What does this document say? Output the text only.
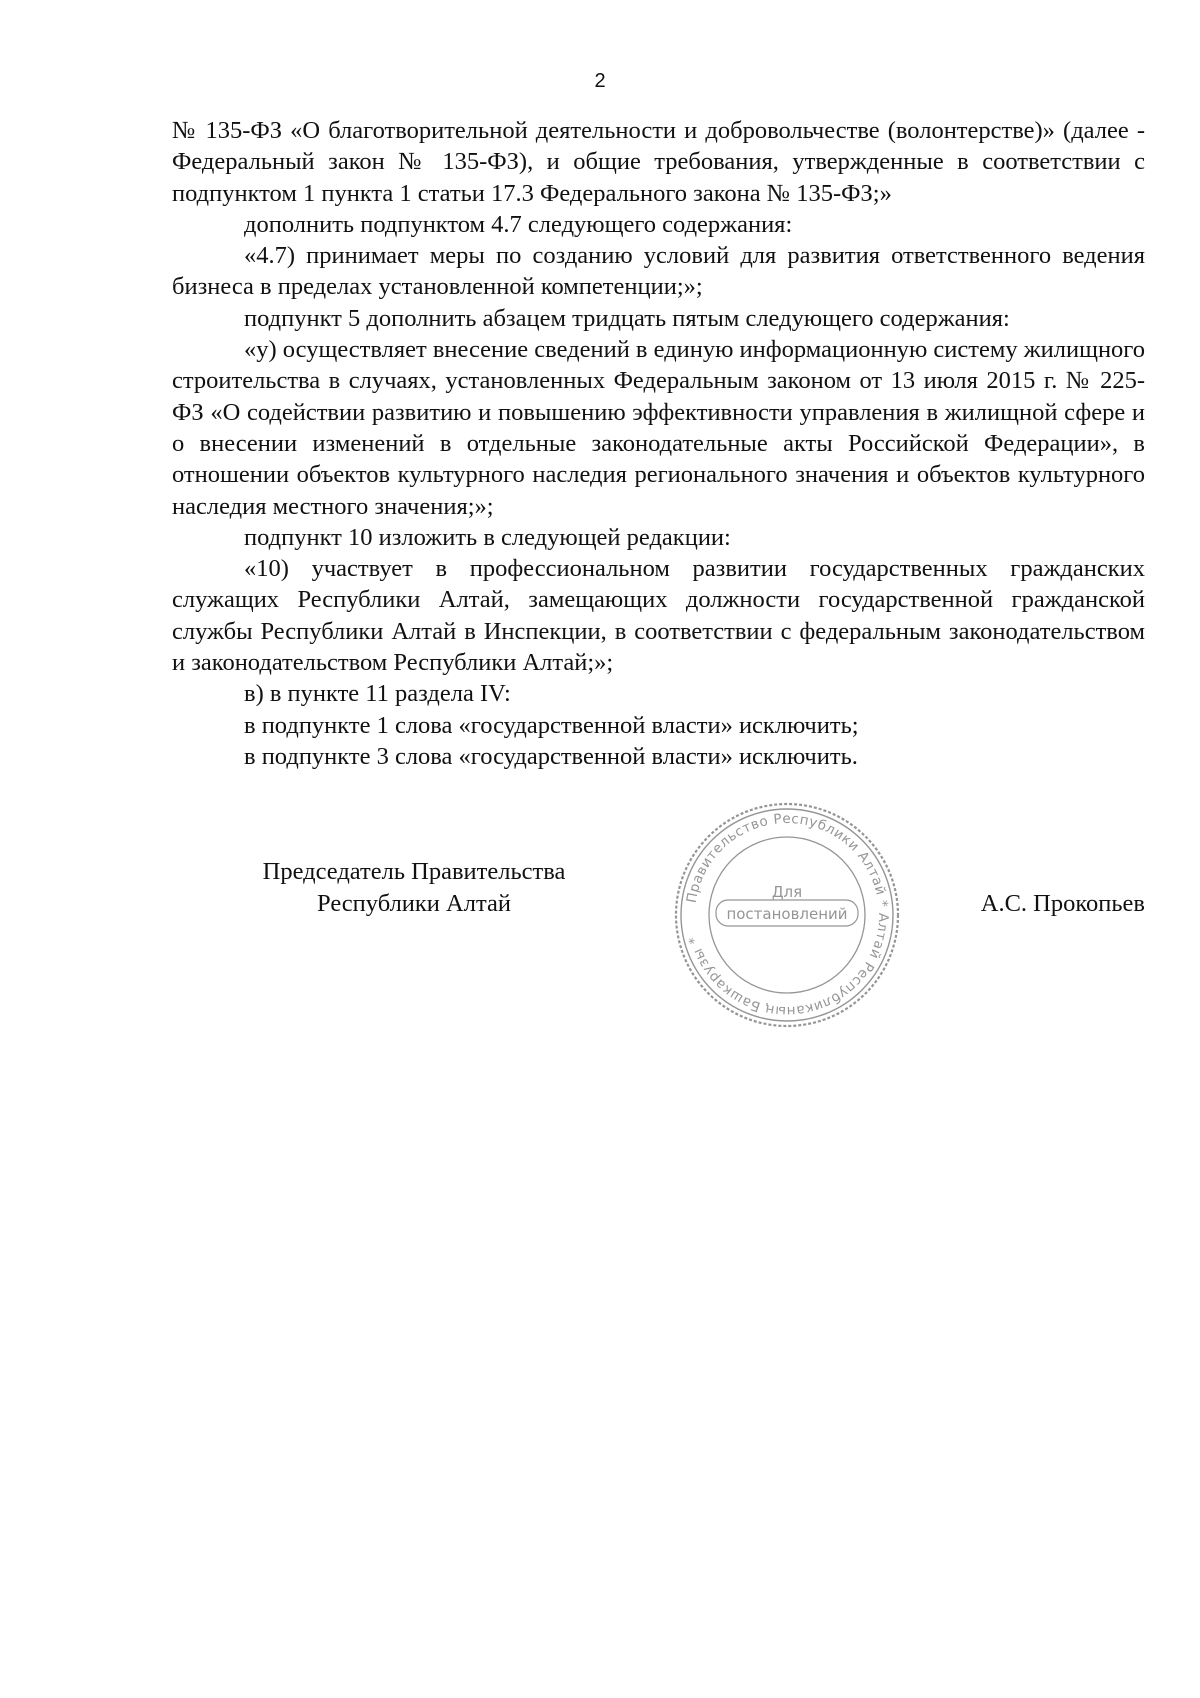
2

№ 135-ФЗ «О благотворительной деятельности и добровольчестве (волонтерстве)» (далее - Федеральный закон № 135-ФЗ), и общие требования, утвержденные в соответствии с подпунктом 1 пункта 1 статьи 17.3 Федерального закона № 135-ФЗ;»

дополнить подпунктом 4.7 следующего содержания:

«4.7) принимает меры по созданию условий для развития ответственного ведения бизнеса в пределах установленной компетенции;»;

подпункт 5 дополнить абзацем тридцать пятым следующего содержания:

«у) осуществляет внесение сведений в единую информационную систему жилищного строительства в случаях, установленных Федеральным законом от 13 июля 2015 г. № 225-ФЗ «О содействии развитию и повышению эффективности управления в жилищной сфере и о внесении изменений в отдельные законодательные акты Российской Федерации», в отношении объектов культурного наследия регионального значения и объектов культурного наследия местного значения;»;

подпункт 10 изложить в следующей редакции:

«10) участвует в профессиональном развитии государственных гражданских служащих Республики Алтай, замещающих должности государственной гражданской службы Республики Алтай в Инспекции, в соответствии с федеральным законодательством и законодательством Республики Алтай;»;

в) в пункте 11 раздела IV:

в подпункте 1 слова «государственной власти» исключить;

в подпункте 3 слова «государственной власти» исключить.

Председатель Правительства
Республики Алтай	Правительство Республики Алтай * Алтай Республиканың Башкарузы *
Для
постановлений	А.С. Прокопьев
